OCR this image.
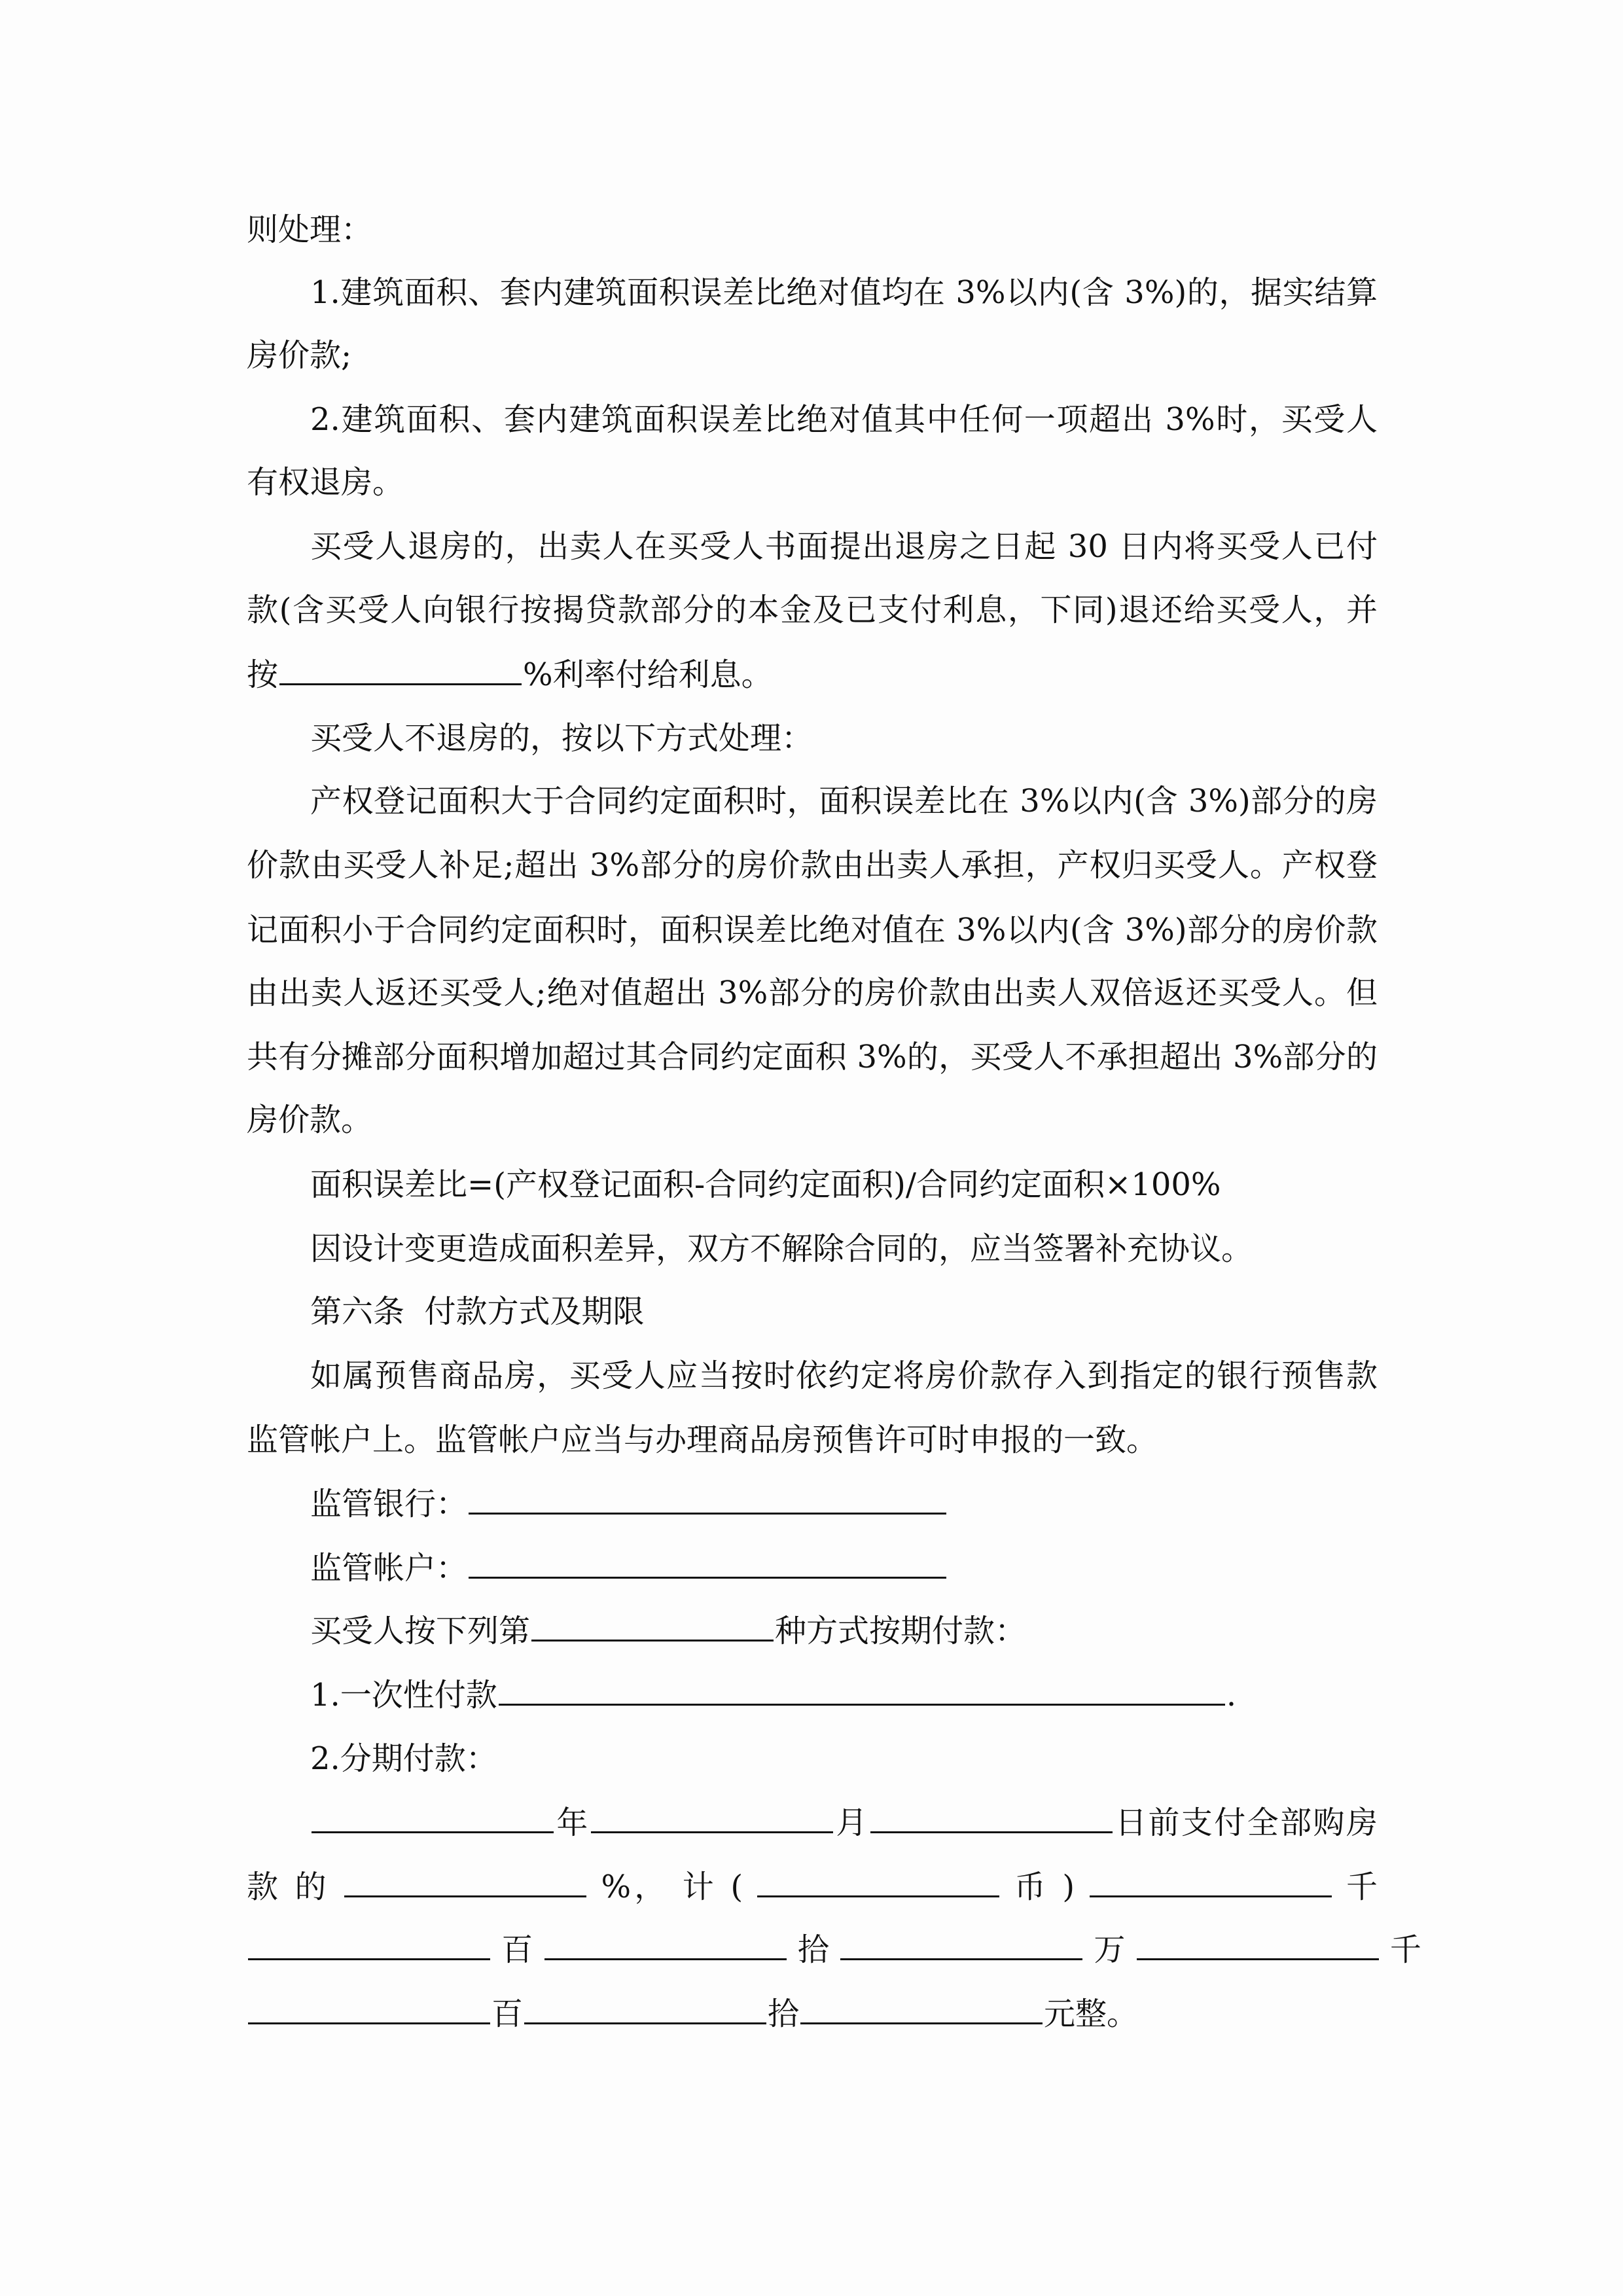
则处理：
1.建筑面积、套内建筑面积误差比绝对值均在 3%以内(含 3%)的，据实结算
房价款;
2.建筑面积、套内建筑面积误差比绝对值其中任何一项超出 3%时，买受人
有权退房。
买受人退房的，出卖人在买受人书面提出退房之日起 30 日内将买受人已付
款(含买受人向银行按揭贷款部分的本金及已支付利息，下同)退还给买受人，并
按	%利率付给利息。
买受人不退房的，按以下方式处理：
产权登记面积大于合同约定面积时，面积误差比在 3%以内(含 3%)部分的房
价款由买受人补足;超出 3%部分的房价款由出卖人承担，产权归买受人。产权登
记面积小于合同约定面积时，面积误差比绝对值在 3%以内(含 3%)部分的房价款
由出卖人返还买受人;绝对值超出 3%部分的房价款由出卖人双倍返还买受人。但
共有分摊部分面积增加超过其合同约定面积 3%的，买受人不承担超出 3%部分的
房价款。
面积误差比=(产权登记面积-合同约定面积)/合同约定面积×100%
因设计变更造成面积差异，双方不解除合同的，应当签署补充协议。
第六条  付款方式及期限
如属预售商品房，买受人应当按时依约定将房价款存入到指定的银行预售款
监管帐户上。监管帐户应当与办理商品房预售许可时申报的一致。
监管银行：
监管帐户：
买受人按下列第	种方式按期付款：
1.一次性付款	.
2.分期付款：
年	月	日前支付全部购房
款 的	%， 计 (	币 )	千
百	拾	万	千
百	拾	元整。
